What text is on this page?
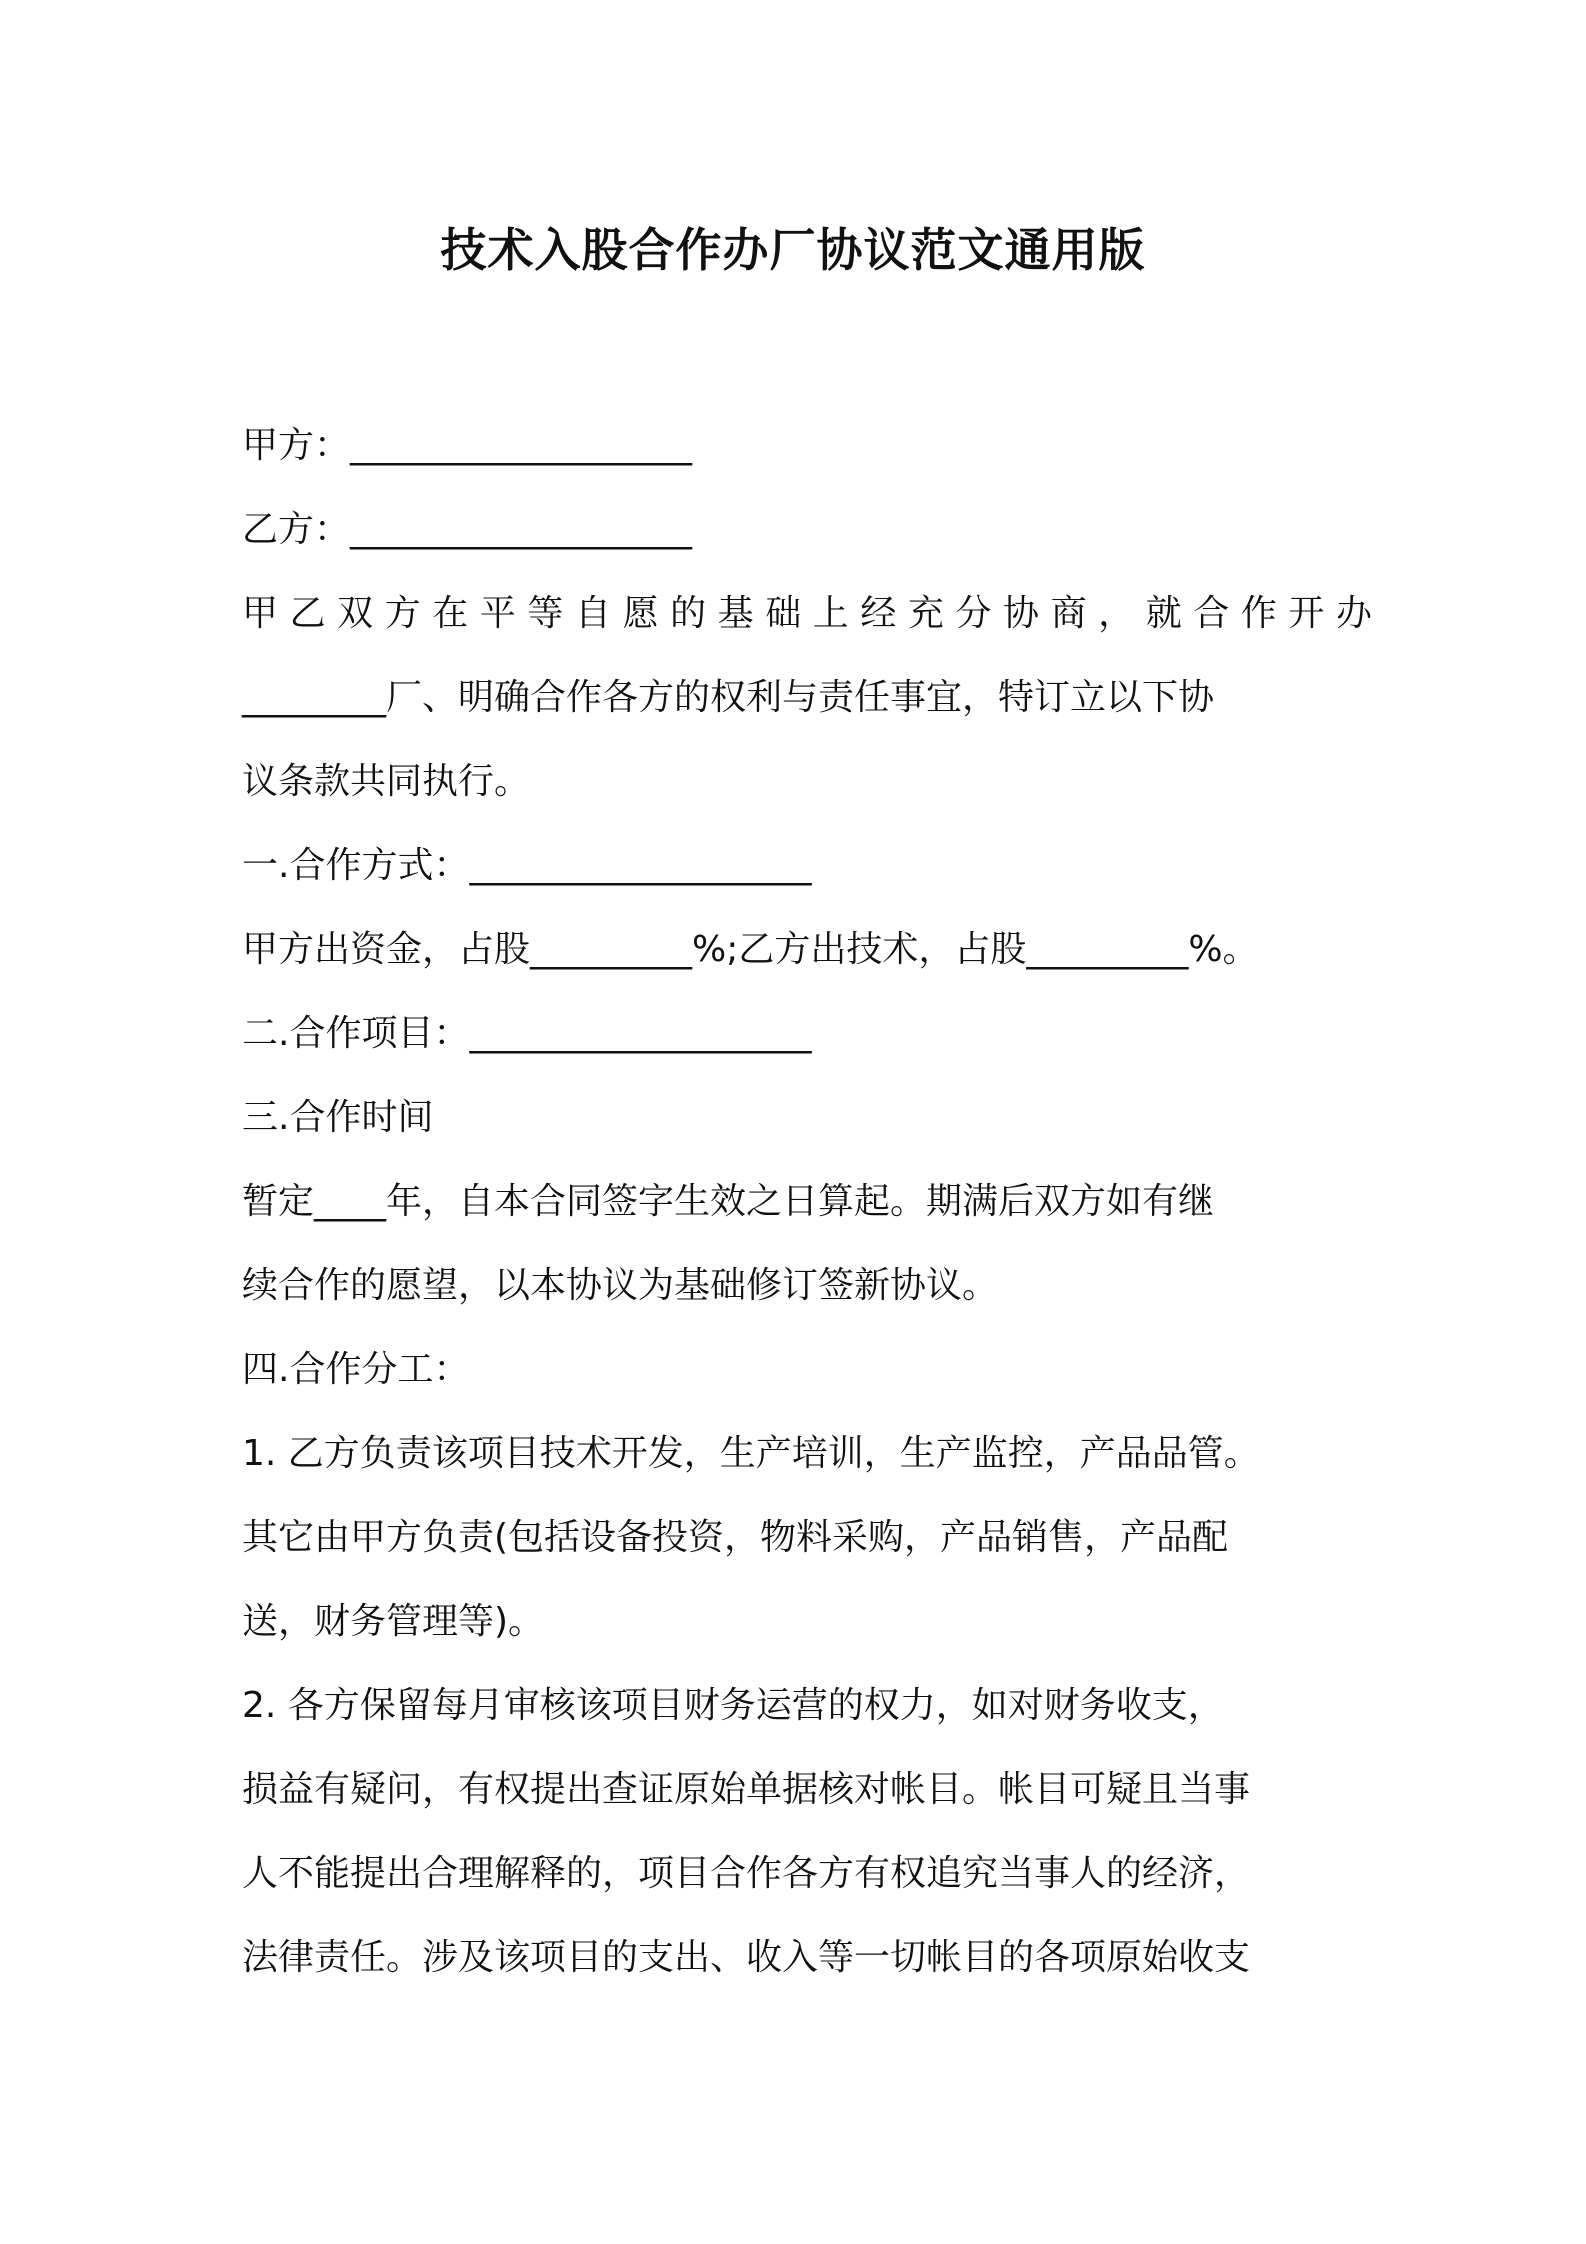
技术入股合作办厂协议范文通用版

甲方：___________________

乙方：___________________

甲乙双方在平等自愿的基础上经充分协商，就合作开办

________厂、明确合作各方的权利与责任事宜，特订立以下协

议条款共同执行。

一.合作方式：___________________

甲方出资金，占股_________%;乙方出技术，占股_________%。

二.合作项目：___________________

三.合作时间

暂定____年，自本合同签字生效之日算起。期满后双方如有继

续合作的愿望，以本协议为基础修订签新协议。

四.合作分工：

1. 乙方负责该项目技术开发，生产培训，生产监控，产品品管。

其它由甲方负责(包括设备投资，物料采购，产品销售，产品配

送，财务管理等)。

2. 各方保留每月审核该项目财务运营的权力，如对财务收支，

损益有疑问，有权提出查证原始单据核对帐目。帐目可疑且当事

人不能提出合理解释的，项目合作各方有权追究当事人的经济，

法律责任。涉及该项目的支出、收入等一切帐目的各项原始收支
